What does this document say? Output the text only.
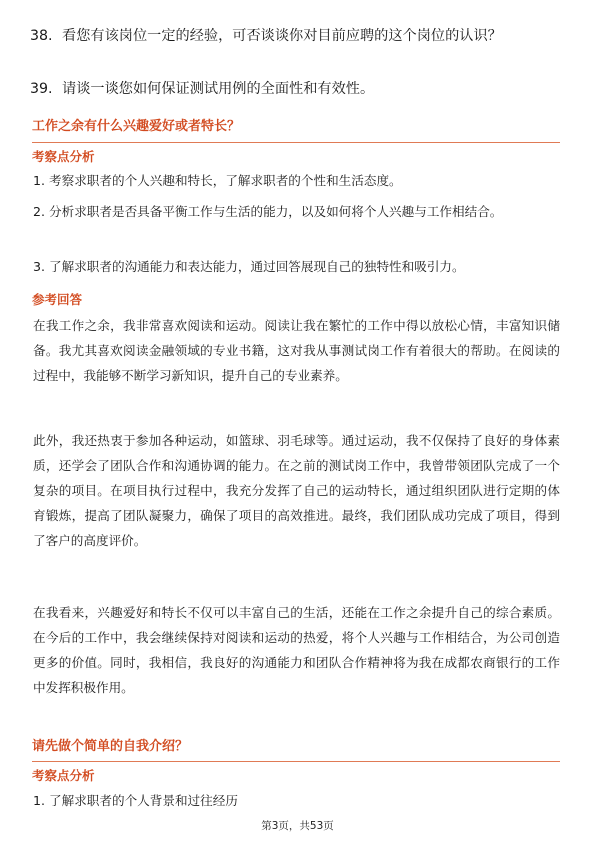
38. 看您有该岗位一定的经验，可否谈谈你对目前应聘的这个岗位的认识？
39. 请谈一谈您如何保证测试用例的全面性和有效性。
工作之余有什么兴趣爱好或者特长？
考察点分析
1. 考察求职者的个人兴趣和特长，了解求职者的个性和生活态度。
2. 分析求职者是否具备平衡工作与生活的能力，以及如何将个人兴趣与工作相结合。
3. 了解求职者的沟通能力和表达能力，通过回答展现自己的独特性和吸引力。
参考回答
在我工作之余，我非常喜欢阅读和运动。阅读让我在繁忙的工作中得以放松心情，丰富知识储备。我尤其喜欢阅读金融领域的专业书籍，这对我从事测试岗工作有着很大的帮助。在阅读的过程中，我能够不断学习新知识，提升自己的专业素养。
此外，我还热衷于参加各种运动，如篮球、羽毛球等。通过运动，我不仅保持了良好的身体素质，还学会了团队合作和沟通协调的能力。在之前的测试岗工作中，我曾带领团队完成了一个复杂的项目。在项目执行过程中，我充分发挥了自己的运动特长，通过组织团队进行定期的体育锻炼，提高了团队凝聚力，确保了项目的高效推进。最终，我们团队成功完成了项目，得到了客户的高度评价。
在我看来，兴趣爱好和特长不仅可以丰富自己的生活，还能在工作之余提升自己的综合素质。在今后的工作中，我会继续保持对阅读和运动的热爱，将个人兴趣与工作相结合，为公司创造更多的价值。同时，我相信，我良好的沟通能力和团队合作精神将为我在成都农商银行的工作中发挥积极作用。
请先做个简单的自我介绍？
考察点分析
1. 了解求职者的个人背景和过往经历
第3页，共53页
